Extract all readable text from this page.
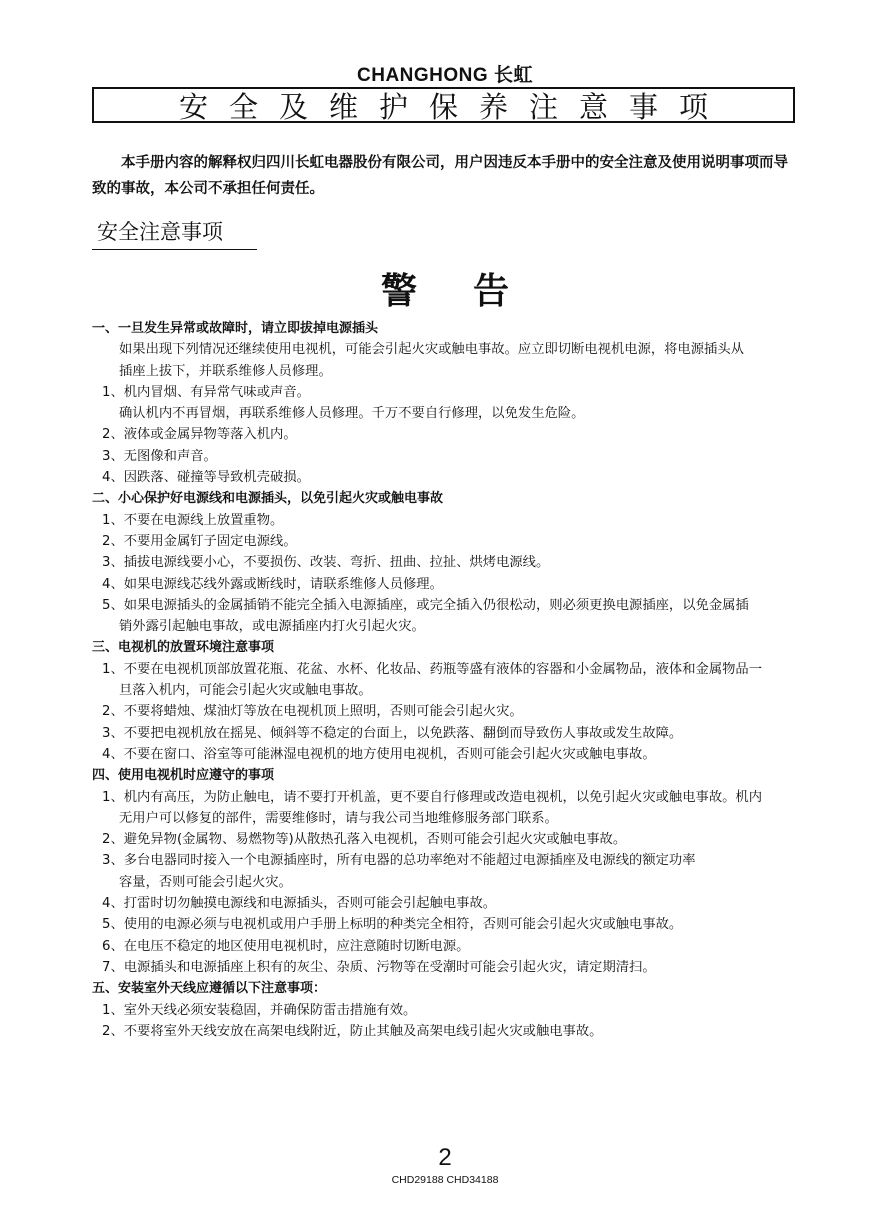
CHANGHONG 长虹
安全及维护保养注意事项
本手册内容的解释权归四川长虹电器股份有限公司，用户因违反本手册中的安全注意及使用说明事项而导致的事故，本公司不承担任何责任。
安全注意事项
警告
一、一旦发生异常或故障时，请立即拔掉电源插头
如果出现下列情况还继续使用电视机，可能会引起火灾或触电事故。应立即切断电视机电源，将电源插头从
插座上拔下，并联系维修人员修理。
1、机内冒烟、有异常气味或声音。
确认机内不再冒烟，再联系维修人员修理。千万不要自行修理，以免发生危险。
2、液体或金属异物等落入机内。
3、无图像和声音。
4、因跌落、碰撞等导致机壳破损。
二、小心保护好电源线和电源插头，以免引起火灾或触电事故
1、不要在电源线上放置重物。
2、不要用金属钉子固定电源线。
3、插拔电源线要小心，不要损伤、改装、弯折、扭曲、拉扯、烘烤电源线。
4、如果电源线芯线外露或断线时，请联系维修人员修理。
5、如果电源插头的金属插销不能完全插入电源插座，或完全插入仍很松动，则必须更换电源插座，以免金属插
销外露引起触电事故，或电源插座内打火引起火灾。
三、电视机的放置环境注意事项
1、不要在电视机顶部放置花瓶、花盆、水杯、化妆品、药瓶等盛有液体的容器和小金属物品，液体和金属物品一
旦落入机内，可能会引起火灾或触电事故。
2、不要将蜡烛、煤油灯等放在电视机顶上照明，否则可能会引起火灾。
3、不要把电视机放在摇晃、倾斜等不稳定的台面上，以免跌落、翻倒而导致伤人事故或发生故障。
4、不要在窗口、浴室等可能淋湿电视机的地方使用电视机，否则可能会引起火灾或触电事故。
四、使用电视机时应遵守的事项
1、机内有高压，为防止触电，请不要打开机盖，更不要自行修理或改造电视机，以免引起火灾或触电事故。机内
无用户可以修复的部件，需要维修时，请与我公司当地维修服务部门联系。
2、避免异物(金属物、易燃物等)从散热孔落入电视机，否则可能会引起火灾或触电事故。
3、多台电器同时接入一个电源插座时，所有电器的总功率绝对不能超过电源插座及电源线的额定功率
容量，否则可能会引起火灾。
4、打雷时切勿触摸电源线和电源插头，否则可能会引起触电事故。
5、使用的电源必须与电视机或用户手册上标明的种类完全相符，否则可能会引起火灾或触电事故。
6、在电压不稳定的地区使用电视机时，应注意随时切断电源。
7、电源插头和电源插座上积有的灰尘、杂质、污物等在受潮时可能会引起火灾，请定期清扫。
五、安装室外天线应遵循以下注意事项：
1、室外天线必须安装稳固，并确保防雷击措施有效。
2、不要将室外天线安放在高架电线附近，防止其触及高架电线引起火灾或触电事故。
2
CHD29188 CHD34188
